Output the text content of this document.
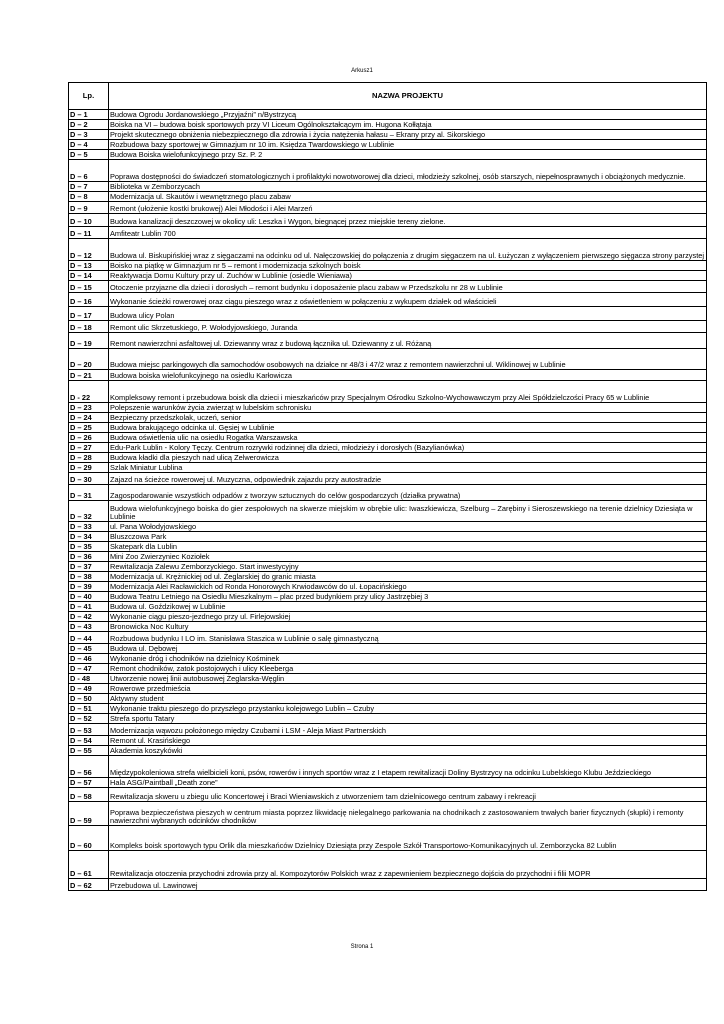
Arkusz1
Lp.	NAZWA PROJEKTU
D – 1	Budowa Ogrodu Jordanowskiego „Przyjaźni” n/Bystrzycą
D – 2	Boiska na VI – budowa boisk sportowych przy VI Liceum Ogólnokształcącym im. Hugona Kołłątaja
D – 3	Projekt skutecznego obniżenia niebezpiecznego dla zdrowia i życia natężenia hałasu – Ekrany przy al. Sikorskiego
D – 4	Rozbudowa bazy sportowej w Gimnazjum nr 10 im. Księdza Twardowskiego w Lublinie
D – 5	Budowa Boiska wielofunkcyjnego przy Sz. P. 2
D – 6	Poprawa dostępności do świadczeń stomatologicznych i profilaktyki nowotworowej dla dzieci, młodzieży szkolnej, osób starszych, niepełnosprawnych i obciążonych medycznie.
D – 7	Biblioteka w Zemborzycach
D – 8	Modernizacja ul. Skautów i wewnętrznego placu zabaw
D – 9	Remont (ułożenie kostki brukowej) Alei Młodości i Alei Marzeń
D – 10	Budowa kanalizacji deszczowej w okolicy uli: Leszka i Wygon, biegnącej przez miejskie tereny zielone.
D – 11	Amfiteatr Lublin 700
D – 12	Budowa ul. Biskupińskiej wraz z sięgaczami na odcinku od ul. Nałęczowskiej do połączenia z drugim sięgaczem na ul. Łużyczan z wyłączeniem pierwszego sięgacza strony parzystej
D – 13	Boisko na piątkę w Gimnazjum nr 5 – remont i modernizacja szkolnych boisk
D – 14	Reaktywacja Domu Kultury przy ul. Zuchów w Lublinie (osiedle Wieniawa)
D – 15	Otoczenie przyjazne dla dzieci i dorosłych – remont budynku i doposażenie placu zabaw w Przedszkolu nr 28 w Lublinie
D – 16	Wykonanie ścieżki rowerowej oraz ciągu pieszego wraz z oświetleniem w połączeniu z wykupem działek od właścicieli
D – 17	Budowa ulicy Polan
D – 18	Remont ulic Skrzetuskiego, P. Wołodyjowskiego, Juranda
D – 19	Remont nawierzchni asfaltowej ul. Dziewanny wraz z budową łącznika ul. Dziewanny z ul. Różaną
D – 20	Budowa miejsc parkingowych dla samochodów osobowych na działce nr 48/3 i 47/2 wraz z remontem nawierzchni ul. Wiklinowej w Lublinie
D – 21	Budowa boiska wielofunkcyjnego na osiedlu Karłowicza
D - 22	Kompleksowy remont i przebudowa boisk dla dzieci i mieszkańców przy Specjalnym Ośrodku Szkolno-Wychowawczym przy Alei Spółdzielczości Pracy 65 w Lublinie
D – 23	Polepszenie warunków życia zwierząt w lubelskim schronisku
D – 24	Bezpieczny przedszkolak, uczeń, senior
D – 25	Budowa brakującego odcinka ul. Gęsiej w Lublinie
D – 26	Budowa oświetlenia ulic na osiedlu Rogatka Warszawska
D – 27	Edu-Park Lublin - Kolory Tęczy. Centrum rozrywki rodzinnej dla dzieci, młodzieży i dorosłych (Bazylianówka)
D – 28	Budowa kładki dla pieszych nad ulicą Zelwerowicza
D – 29	Szlak Miniatur Lublina
D – 30	Zajazd na ścieżce rowerowej ul. Muzyczna, odpowiednik zajazdu przy autostradzie
D – 31	Zagospodarowanie wszystkich odpadów z tworzyw sztucznych do celów gospodarczych (działka prywatna)
D – 32	Budowa wielofunkcyjnego boiska do gier zespołowych na skwerze miejskim w obrębie ulic: Iwaszkiewicza, Szelburg – Zarębiny i Sieroszewskiego na terenie dzielnicy Dziesiąta w Lublinie
D – 33	ul. Pana Wołodyjowskiego
D – 34	Bluszczowa Park
D – 35	Skatepark dla Lublin
D – 36	Mini Zoo Zwierzyniec Koziołek
D – 37	Rewitalizacja Zalewu Zemborzyckiego. Start inwestycyjny
D – 38	Modernizacja ul. Krężnickiej od ul. Żeglarskiej do granic miasta
D – 39	Modernizacja Alei Racławickich od Ronda Honorowych Krwiodawców do ul. Łopacińskiego
D – 40	Budowa Teatru Letniego na Osiedlu Mieszkalnym – plac przed budynkiem przy ulicy Jastrzębiej 3
D – 41	Budowa ul. Goździkowej w Lublinie
D – 42	Wykonanie ciągu pieszo-jezdnego przy ul. Firlejowskiej
D – 43	Bronowicka Noc Kultury
D – 44	Rozbudowa budynku I LO im. Stanisława Staszica w Lublinie o salę gimnastyczną
D – 45	Budowa ul. Dębowej
D – 46	Wykonanie dróg i chodników na dzielnicy Kośminek
D – 47	Remont chodników, zatok postojowych i ulicy Kleeberga
D - 48	Utworzenie nowej linii autobusowej Żeglarska-Węglin
D – 49	Rowerowe przedmieścia
D – 50	Aktywny student
D – 51	Wykonanie traktu pieszego do przyszłego przystanku kolejowego Lublin – Czuby
D – 52	Strefa sportu Tatary
D – 53	Modernizacja wąwozu położonego między Czubami i LSM - Aleja Miast Partnerskich
D – 54	Remont ul. Krasińskiego
D – 55	Akademia koszykówki
D – 56	Międzypokoleniowa strefa wielbicieli koni, psów, rowerów i innych sportów wraz z I etapem rewitalizacji Doliny Bystrzycy na odcinku Lubelskiego Klubu Jeździeckiego
D – 57	Hala ASG/Paintball „Death zone”
D – 58	Rewitalizacja skweru u zbiegu ulic Koncertowej i Braci Wieniawskich z utworzeniem tam dzielnicowego centrum zabawy i rekreacji
D – 59	Poprawa bezpieczeństwa pieszych w centrum miasta poprzez likwidację nielegalnego parkowania na chodnikach z zastosowaniem trwałych barier fizycznych (słupki) i remonty nawierzchni wybranych odcinków chodników
D – 60	Kompleks boisk sportowych typu Orlik dla mieszkańców Dzielnicy Dziesiąta przy Zespole Szkół Transportowo-Komunikacyjnych ul. Zemborzycka 82 Lublin
D – 61	Rewitalizacja otoczenia przychodni zdrowia przy al. Kompozytorów Polskich wraz z zapewnieniem bezpiecznego dojścia do przychodni i filii MOPR
D – 62	Przebudowa ul. Lawinowej
Strona 1
